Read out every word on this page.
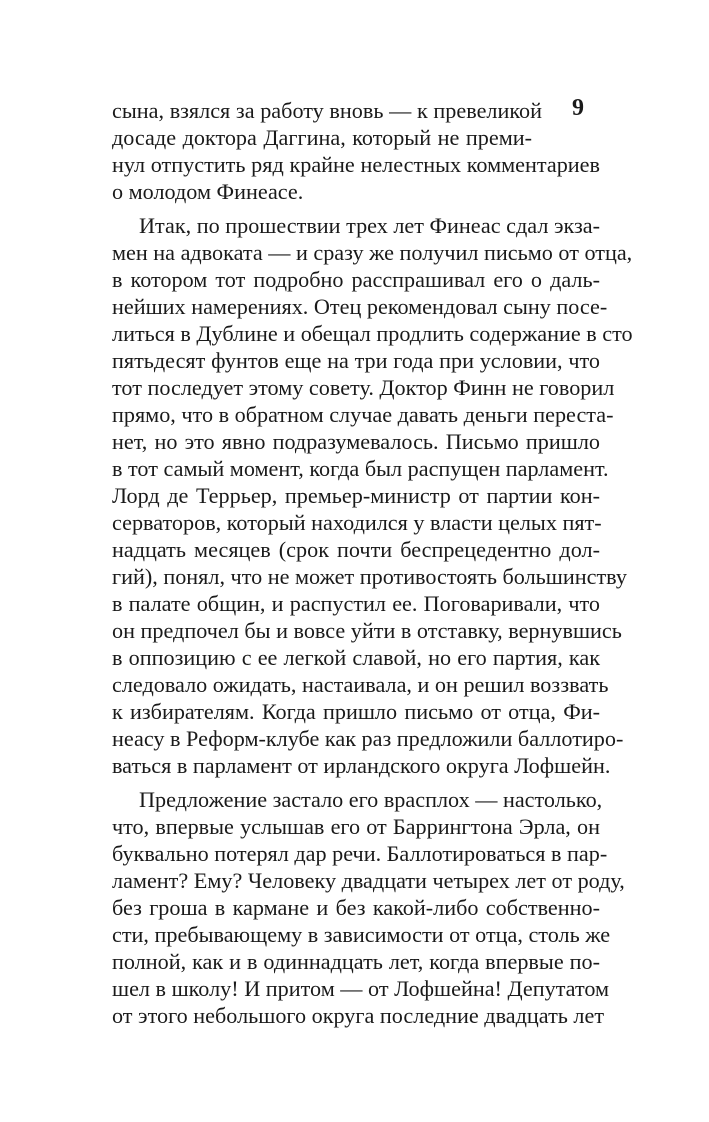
9
сына, взялся за работу вновь — к превеликой
досаде доктора Даггина, который не преми-
нул отпустить ряд крайне нелестных комментариев
о молодом Финеасе.
Итак, по прошествии трех лет Финеас сдал экза-
мен на адвоката — и сразу же получил письмо от отца,
в котором тот подробно расспрашивал его о даль-
нейших намерениях. Отец рекомендовал сыну посе-
литься в Дублине и обещал продлить содержание в сто
пятьдесят фунтов еще на три года при условии, что
тот последует этому совету. Доктор Финн не говорил
прямо, что в обратном случае давать деньги переста-
нет, но это явно подразумевалось. Письмо пришло
в тот самый момент, когда был распущен парламент.
Лорд де Террьер, премьер-министр от партии кон-
серваторов, который находился у власти целых пят-
надцать месяцев (срок почти беспрецедентно дол-
гий), понял, что не может противостоять большинству
в палате общин, и распустил ее. Поговаривали, что
он предпочел бы и вовсе уйти в отставку, вернувшись
в оппозицию с ее легкой славой, но его партия, как
следовало ожидать, настаивала, и он решил воззвать
к избирателям. Когда пришло письмо от отца, Фи-
неасу в Реформ-клубе как раз предложили баллотиро-
ваться в парламент от ирландского округа Лофшейн.
Предложение застало его врасплох — настолько,
что, впервые услышав его от Баррингтона Эрла, он
буквально потерял дар речи. Баллотироваться в пар-
ламент? Ему? Человеку двадцати четырех лет от роду,
без гроша в кармане и без какой-либо собственно-
сти, пребывающему в зависимости от отца, столь же
полной, как и в одиннадцать лет, когда впервые по-
шел в школу! И притом — от Лофшейна! Депутатом
от этого небольшого округа последние двадцать лет
